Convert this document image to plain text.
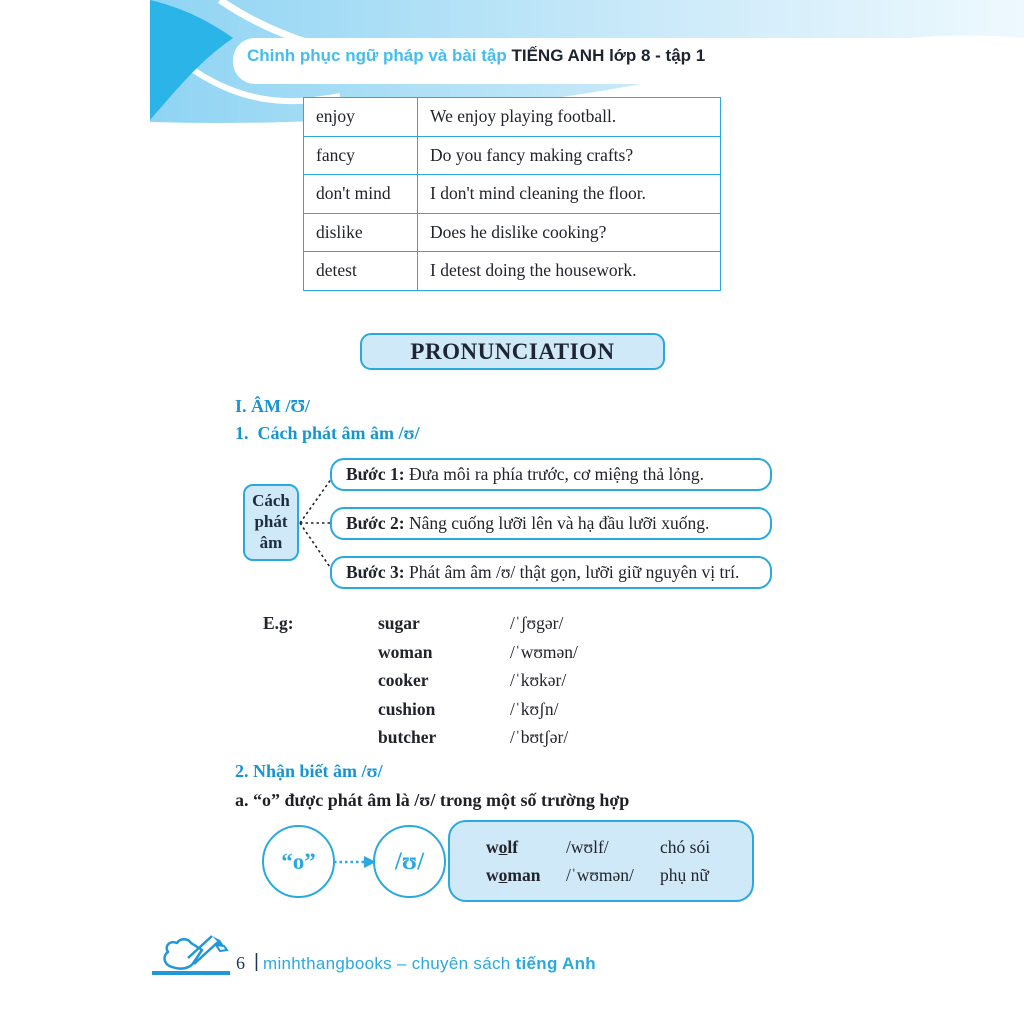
Chinh phục ngữ pháp và bài tập TIẾNG ANH lớp 8 - tập 1
enjoy	We enjoy playing football.
fancy	Do you fancy making crafts?
don't mind	I don't mind cleaning the floor.
dislike	Does he dislike cooking?
detest	I detest doing the housework.
PRONUNCIATION
I. ÂM /Ʊ/
1.  Cách phát âm âm /ʊ/
Cách
phát
âm
Bước 1: Đưa môi ra phía trước, cơ miệng thả lỏng.
Bước 2: Nâng cuống lưỡi lên và hạ đầu lưỡi xuống.
Bước 3: Phát âm âm /ʊ/ thật gọn, lưỡi giữ nguyên vị trí.
E.g:	sugar	/ˈʃʊgər/
woman	/ˈwʊmən/
cooker	/ˈkʊkər/
cushion	/ˈkʊʃn/
butcher	/ˈbʊtʃər/
2. Nhận biết âm /ʊ/
a. “o” được phát âm là /ʊ/ trong một số trường hợp
wolf	/wʊlf/	chó sói
woman	/ˈwʊmən/	phụ nữ
“o”	/ʊ/
6 | minhthangbooks – chuyên sách tiếng Anh
